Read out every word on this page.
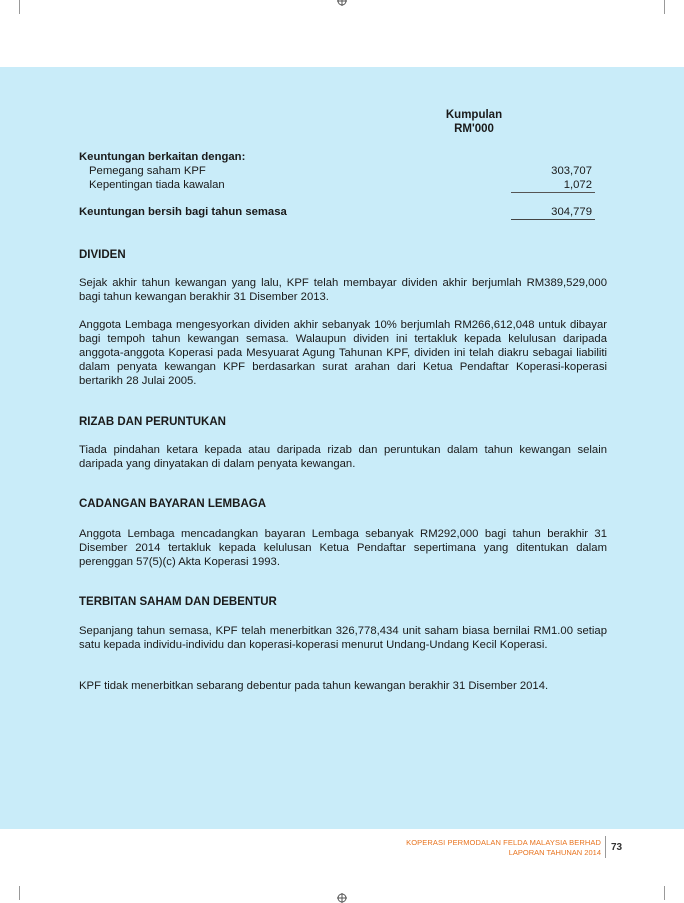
Kumpulan
RM'000
Keuntungan berkaitan dengan:
Pemegang saham KPF	303,707
Kepentingan tiada kawalan	1,072
Keuntungan bersih bagi tahun semasa	304,779
DIVIDEN

Sejak akhir tahun kewangan yang lalu, KPF telah membayar dividen akhir berjumlah RM389,529,000 bagi tahun kewangan berakhir 31 Disember 2013.

Anggota Lembaga mengesyorkan dividen akhir sebanyak 10% berjumlah RM266,612,048 untuk dibayar bagi tempoh tahun kewangan semasa. Walaupun dividen ini tertakluk kepada kelulusan daripada anggota-anggota Koperasi pada Mesyuarat Agung Tahunan KPF, dividen ini telah diakru sebagai liabiliti dalam penyata kewangan KPF berdasarkan surat arahan dari Ketua Pendaftar Koperasi-koperasi bertarikh 28 Julai 2005.

RIZAB DAN PERUNTUKAN

Tiada pindahan ketara kepada atau daripada rizab dan peruntukan dalam tahun kewangan selain daripada yang dinyatakan di dalam penyata kewangan.

CADANGAN BAYARAN LEMBAGA

Anggota Lembaga mencadangkan bayaran Lembaga sebanyak RM292,000 bagi tahun berakhir 31 Disember 2014 tertakluk kepada kelulusan Ketua Pendaftar sepertimana yang ditentukan dalam perenggan 57(5)(c) Akta Koperasi 1993.

TERBITAN SAHAM DAN DEBENTUR

Sepanjang tahun semasa, KPF telah menerbitkan 326,778,434 unit saham biasa bernilai RM1.00 setiap satu kepada individu-individu dan koperasi-koperasi menurut Undang-Undang Kecil Koperasi.

KPF tidak menerbitkan sebarang debentur pada tahun kewangan berakhir 31 Disember 2014.

KOPERASI PERMODALAN FELDA MALAYSIA BERHAD
LAPORAN TAHUNAN 2014 73
